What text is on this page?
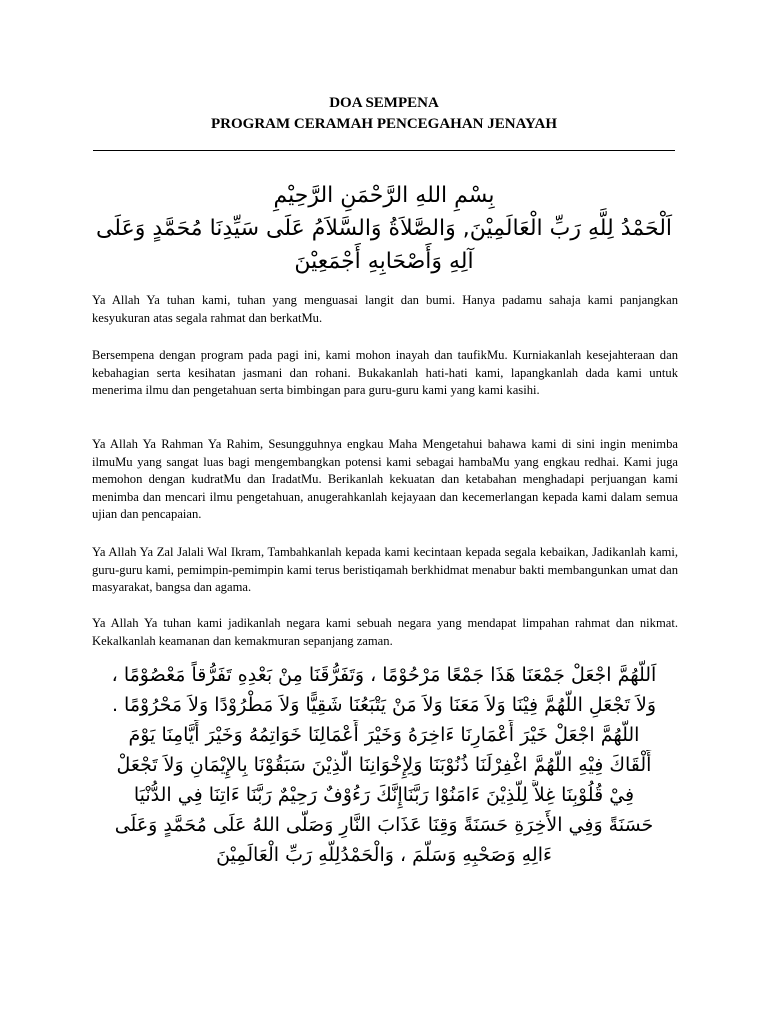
DOA SEMPENA
PROGRAM CERAMAH PENCEGAHAN JENAYAH
بِسْمِ اللهِ الرَّحْمَنِ الرَّحِيْمِ
اَلْحَمْدُ لِلَّهِ رَبِّ الْعَالَمِيْنَ, وَالصَّلاَةُ وَالسَّلاَمُ عَلَى سَيِّدِنَا مُحَمَّدٍ وَعَلَى آلِهِ وَأَصْحَابِهِ أَجْمَعِيْنَ
Ya Allah Ya tuhan kami, tuhan yang menguasai langit dan bumi. Hanya padamu sahaja kami panjangkan kesyukuran atas segala rahmat dan berkatMu.
Bersempena dengan program pada pagi ini, kami mohon inayah dan taufikMu. Kurniakanlah kesejahteraan dan kebahagian serta kesihatan jasmani dan rohani. Bukakanlah hati-hati kami, lapangkanlah dada kami untuk menerima ilmu dan pengetahuan serta bimbingan para guru-guru kami yang kami kasihi.
Ya Allah Ya Rahman Ya Rahim, Sesungguhnya engkau Maha Mengetahui bahawa kami di sini ingin menimba ilmuMu yang sangat luas bagi mengembangkan potensi kami sebagai hambaMu yang engkau redhai. Kami juga memohon dengan kudratMu dan IradatMu. Berikanlah kekuatan dan ketabahan menghadapi perjuangan kami menimba dan mencari ilmu pengetahuan, anugerahkanlah kejayaan dan kecemerlangan kepada kami dalam semua ujian dan pencapaian.
Ya Allah Ya Zal Jalali Wal Ikram, Tambahkanlah kepada kami kecintaan kepada segala kebaikan, Jadikanlah kami, guru-guru kami, pemimpin-pemimpin kami terus beristiqamah berkhidmat menabur bakti membangunkan umat dan masyarakat, bangsa dan agama.
Ya Allah Ya tuhan kami jadikanlah negara kami sebuah negara yang mendapat limpahan rahmat dan nikmat. Kekalkanlah keamanan dan kemakmuran sepanjang zaman.
اَللَّهُمَّ اجْعَلْ جَمْعَنَا هَذَا جَمْعًا مَرْحُوْمًا ، وَتَفَرُّقَنَا مِنْ بَعْدِهِ تَفَرُّقاً مَعْصُوْمًا ،
وَلاَ تَجْعَلِ اللَّهُمَّ فِيْنَا وَلاَ مَعَنَا وَلاَ مَنْ يَتْبَعُنَا شَقِيًّا وَلاَ مَطْرُوْدًا وَلاَ مَحْرُوْمًا .
اللَّهُمَّ اجْعَلْ خَيْرَ أَعْمَارِنَا ءَاخِرَهُ وَخَيْرَ أَعْمَالِنَا خَوَاتِمُهُ وَخَيْرَ أَيَّامِنَا يَوْمَ
أَلْقَاكَ فِيْهِ اللَّهُمَّ اغْفِرْلَنَا ذُنُوْبَنَا وَلِإِخْوَانِنَا الَّذِيْنَ سَبَقُوْنَا بِالإِيْمَانِ وَلاَ تَجْعَلْ
فِيْ قُلُوْبِنَا غِلاًّ لِلَّذِيْنَ ءَامَنُوْا رَبَّنَاإِنَّكَ رَءُوْفٌ رَحِيْمٌ رَبَّنَا ءَاتِنَا فِي الدُّنْيَا
حَسَنَةً وَفِي الأَخِرَةِ حَسَنَةً وَقِنَا عَذَابَ النَّارِ وَصَلَّى اللهُ عَلَى مُحَمَّدٍ وَعَلَى
ءَالِهِ وَصَحْبِهِ وَسَلَّمَ ، وَالْحَمْدُلِلَّهِ رَبِّ الْعَالَمِيْنَ
